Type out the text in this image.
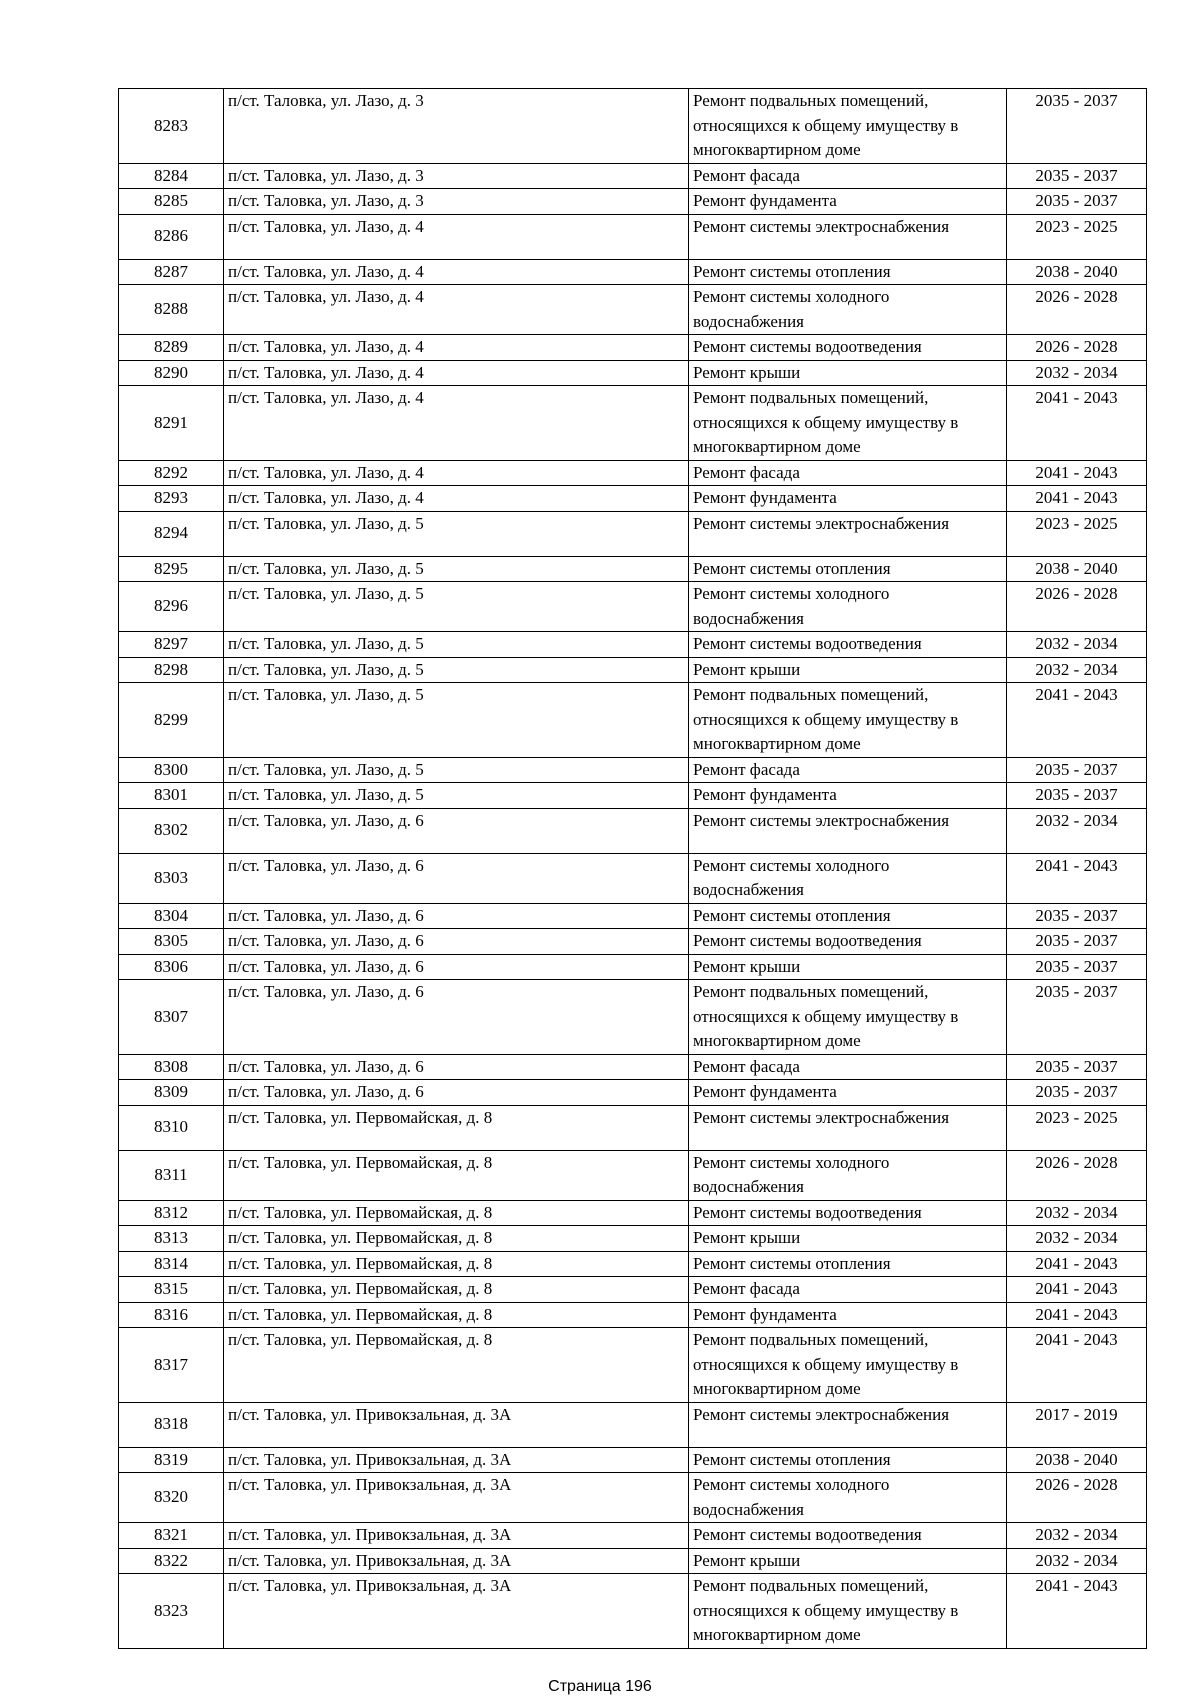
8283	п/ст. Таловка, ул. Лазо, д. 3	Ремонт подвальных помещений, относящихся к общему имуществу в многоквартирном доме	2035 - 2037
8284	п/ст. Таловка, ул. Лазо, д. 3	Ремонт фасада	2035 - 2037
8285	п/ст. Таловка, ул. Лазо, д. 3	Ремонт фундамента	2035 - 2037
8286	п/ст. Таловка, ул. Лазо, д. 4	Ремонт системы электроснабжения	2023 - 2025
8287	п/ст. Таловка, ул. Лазо, д. 4	Ремонт системы отопления	2038 - 2040
8288	п/ст. Таловка, ул. Лазо, д. 4	Ремонт системы холодного водоснабжения	2026 - 2028
8289	п/ст. Таловка, ул. Лазо, д. 4	Ремонт системы водоотведения	2026 - 2028
8290	п/ст. Таловка, ул. Лазо, д. 4	Ремонт крыши	2032 - 2034
8291	п/ст. Таловка, ул. Лазо, д. 4	Ремонт подвальных помещений, относящихся к общему имуществу в многоквартирном доме	2041 - 2043
8292	п/ст. Таловка, ул. Лазо, д. 4	Ремонт фасада	2041 - 2043
8293	п/ст. Таловка, ул. Лазо, д. 4	Ремонт фундамента	2041 - 2043
8294	п/ст. Таловка, ул. Лазо, д. 5	Ремонт системы электроснабжения	2023 - 2025
8295	п/ст. Таловка, ул. Лазо, д. 5	Ремонт системы отопления	2038 - 2040
8296	п/ст. Таловка, ул. Лазо, д. 5	Ремонт системы холодного водоснабжения	2026 - 2028
8297	п/ст. Таловка, ул. Лазо, д. 5	Ремонт системы водоотведения	2032 - 2034
8298	п/ст. Таловка, ул. Лазо, д. 5	Ремонт крыши	2032 - 2034
8299	п/ст. Таловка, ул. Лазо, д. 5	Ремонт подвальных помещений, относящихся к общему имуществу в многоквартирном доме	2041 - 2043
8300	п/ст. Таловка, ул. Лазо, д. 5	Ремонт фасада	2035 - 2037
8301	п/ст. Таловка, ул. Лазо, д. 5	Ремонт фундамента	2035 - 2037
8302	п/ст. Таловка, ул. Лазо, д. 6	Ремонт системы электроснабжения	2032 - 2034
8303	п/ст. Таловка, ул. Лазо, д. 6	Ремонт системы холодного водоснабжения	2041 - 2043
8304	п/ст. Таловка, ул. Лазо, д. 6	Ремонт системы отопления	2035 - 2037
8305	п/ст. Таловка, ул. Лазо, д. 6	Ремонт системы водоотведения	2035 - 2037
8306	п/ст. Таловка, ул. Лазо, д. 6	Ремонт крыши	2035 - 2037
8307	п/ст. Таловка, ул. Лазо, д. 6	Ремонт подвальных помещений, относящихся к общему имуществу в многоквартирном доме	2035 - 2037
8308	п/ст. Таловка, ул. Лазо, д. 6	Ремонт фасада	2035 - 2037
8309	п/ст. Таловка, ул. Лазо, д. 6	Ремонт фундамента	2035 - 2037
8310	п/ст. Таловка, ул. Первомайская, д. 8	Ремонт системы электроснабжения	2023 - 2025
8311	п/ст. Таловка, ул. Первомайская, д. 8	Ремонт системы холодного водоснабжения	2026 - 2028
8312	п/ст. Таловка, ул. Первомайская, д. 8	Ремонт системы водоотведения	2032 - 2034
8313	п/ст. Таловка, ул. Первомайская, д. 8	Ремонт крыши	2032 - 2034
8314	п/ст. Таловка, ул. Первомайская, д. 8	Ремонт системы отопления	2041 - 2043
8315	п/ст. Таловка, ул. Первомайская, д. 8	Ремонт фасада	2041 - 2043
8316	п/ст. Таловка, ул. Первомайская, д. 8	Ремонт фундамента	2041 - 2043
8317	п/ст. Таловка, ул. Первомайская, д. 8	Ремонт подвальных помещений, относящихся к общему имуществу в многоквартирном доме	2041 - 2043
8318	п/ст. Таловка, ул. Привокзальная, д. 3А	Ремонт системы электроснабжения	2017 - 2019
8319	п/ст. Таловка, ул. Привокзальная, д. 3А	Ремонт системы отопления	2038 - 2040
8320	п/ст. Таловка, ул. Привокзальная, д. 3А	Ремонт системы холодного водоснабжения	2026 - 2028
8321	п/ст. Таловка, ул. Привокзальная, д. 3А	Ремонт системы водоотведения	2032 - 2034
8322	п/ст. Таловка, ул. Привокзальная, д. 3А	Ремонт крыши	2032 - 2034
8323	п/ст. Таловка, ул. Привокзальная, д. 3А	Ремонт подвальных помещений, относящихся к общему имуществу в многоквартирном доме	2041 - 2043
Страница 196
